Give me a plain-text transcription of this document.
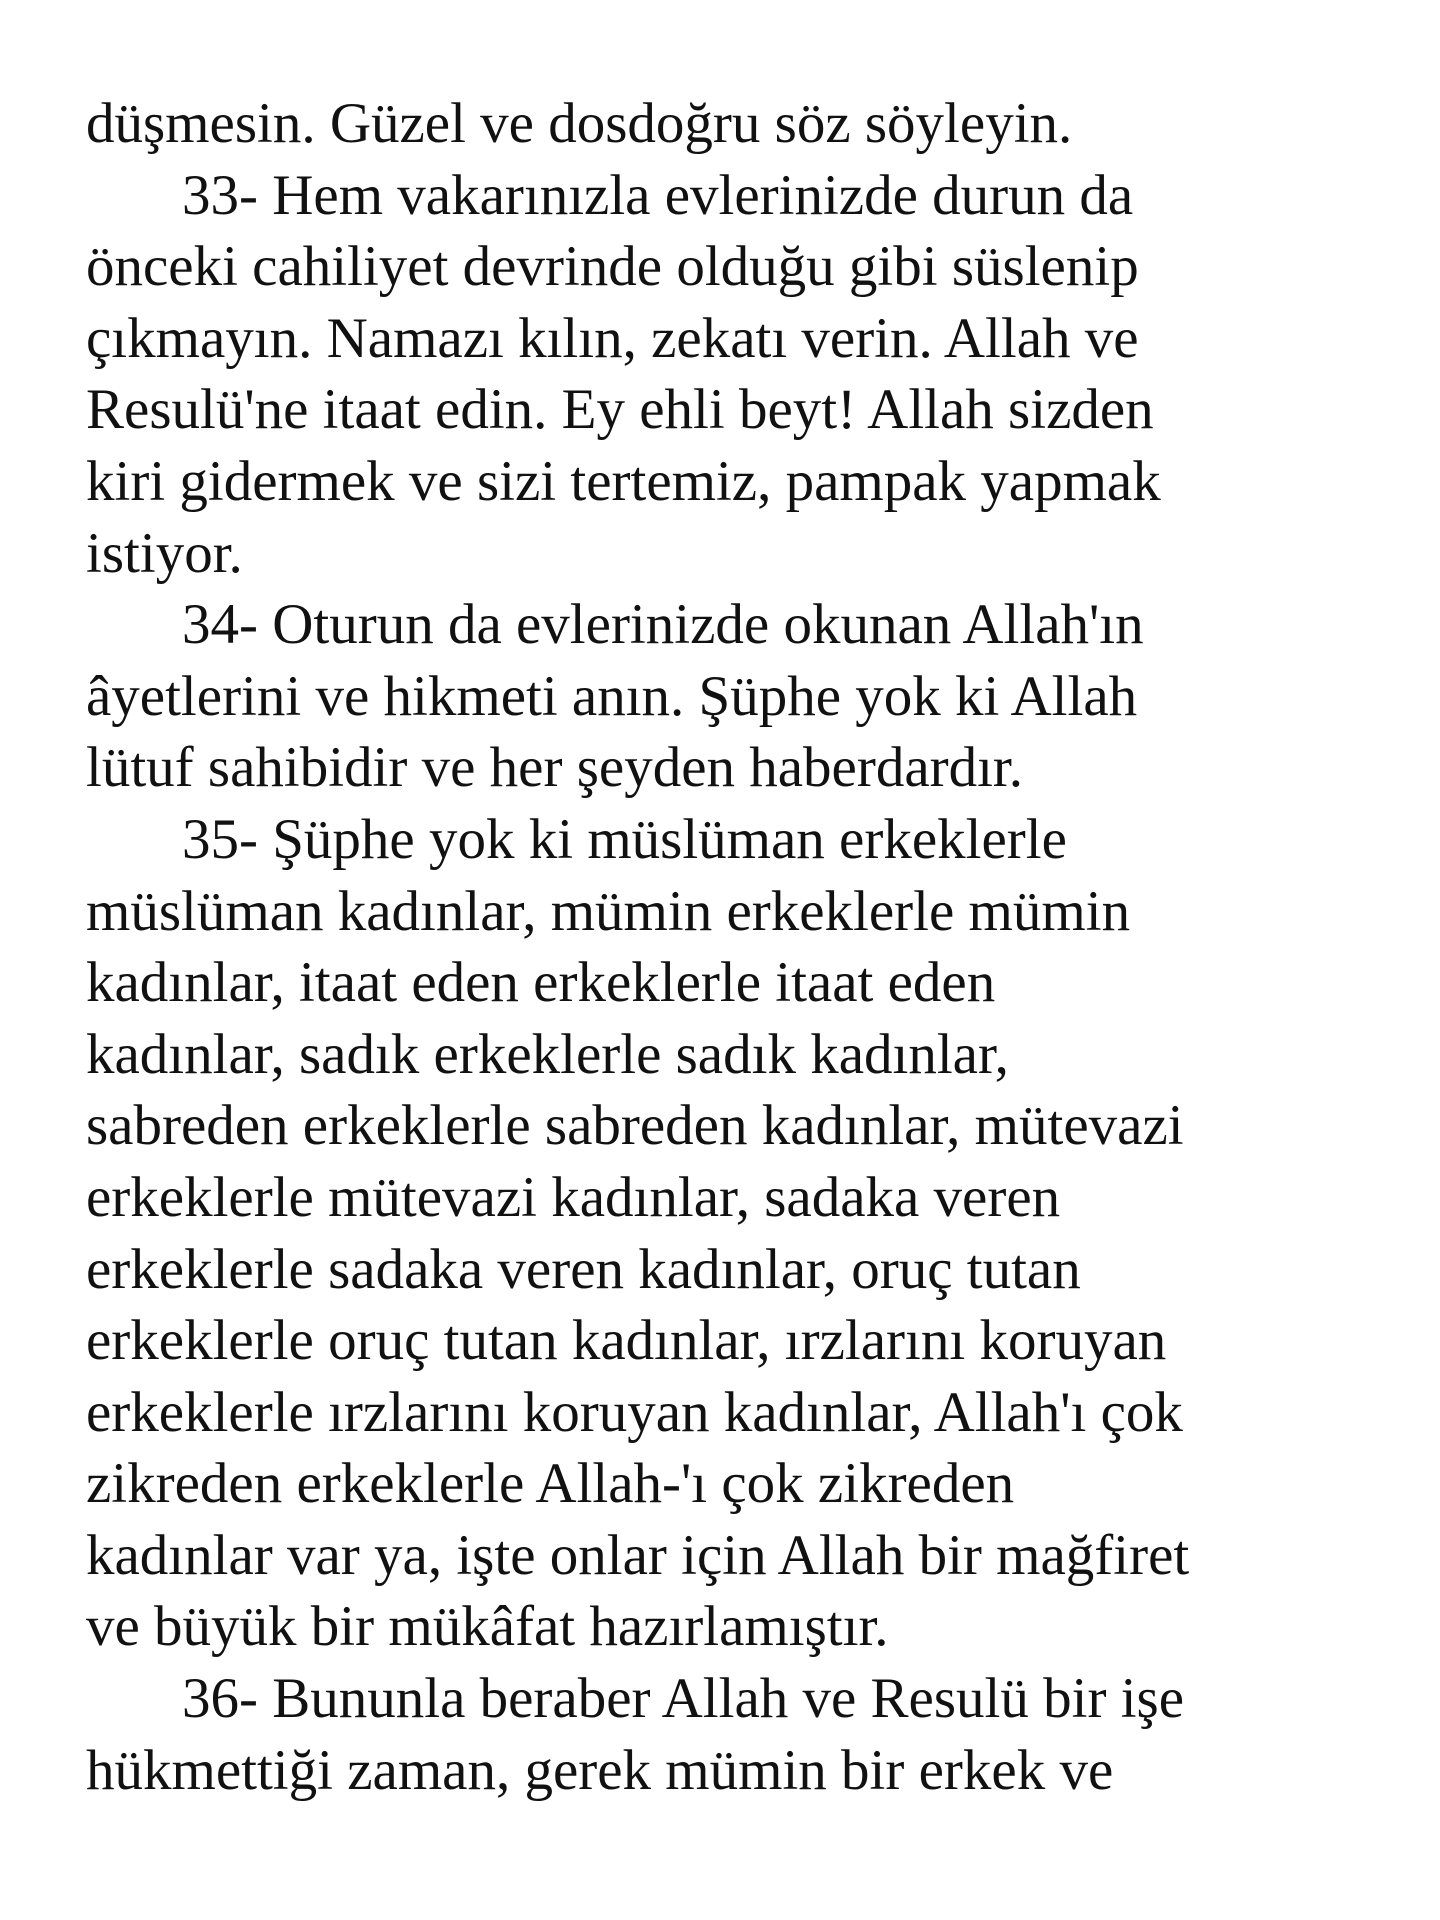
düşmesin. Güzel ve dosdoğru söz söyleyin.
33- Hem vakarınızla evlerinizde durun da
önceki cahiliyet devrinde olduğu gibi süslenip
çıkmayın. Namazı kılın, zekatı verin. Allah ve
Resulü'ne itaat edin. Ey ehli beyt! Allah sizden
kiri gidermek ve sizi tertemiz, pampak yapmak
istiyor.
34- Oturun da evlerinizde okunan Allah'ın
âyetlerini ve hikmeti anın. Şüphe yok ki Allah
lütuf sahibidir ve her şeyden haberdardır.
35- Şüphe yok ki müslüman erkeklerle
müslüman kadınlar, mümin erkeklerle mümin
kadınlar, itaat eden erkeklerle itaat eden
kadınlar, sadık erkeklerle sadık kadınlar,
sabreden erkeklerle sabreden kadınlar, mütevazi
erkeklerle mütevazi kadınlar, sadaka veren
erkeklerle sadaka veren kadınlar, oruç tutan
erkeklerle oruç tutan kadınlar, ırzlarını koruyan
erkeklerle ırzlarını koruyan kadınlar, Allah'ı çok
zikreden erkeklerle Allah-'ı çok zikreden
kadınlar var ya, işte onlar için Allah bir mağfiret
ve büyük bir mükâfat hazırlamıştır.
36- Bununla beraber Allah ve Resulü bir işe
hükmettiği zaman, gerek mümin bir erkek ve
